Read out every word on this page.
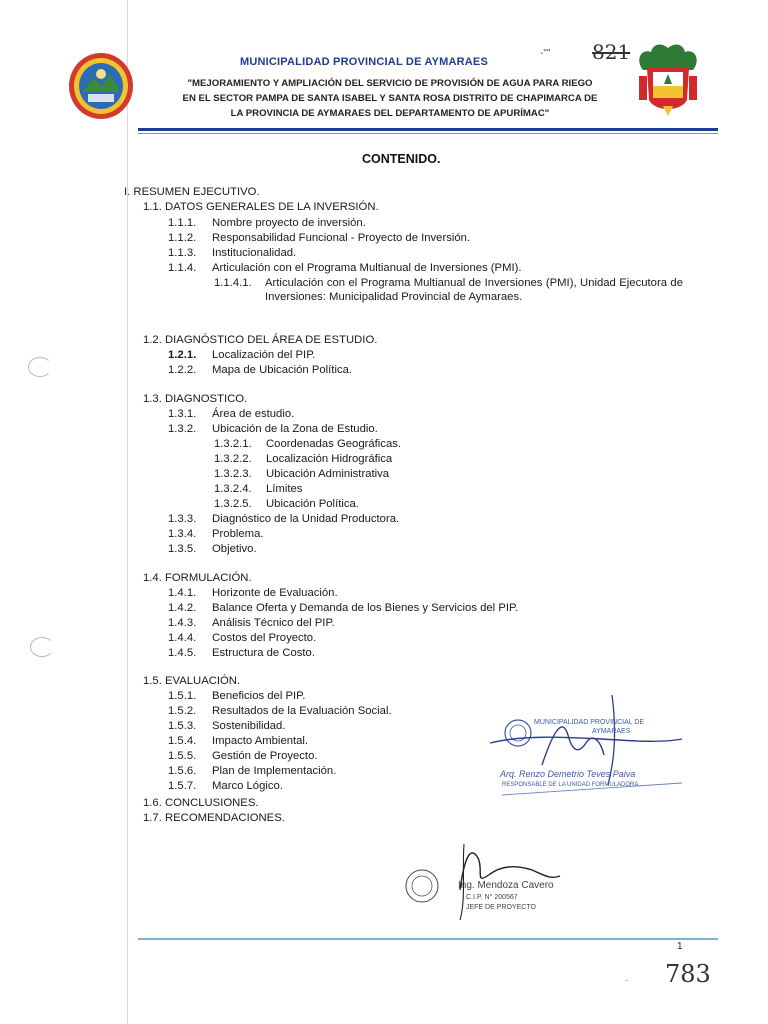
MUNICIPALIDAD PROVINCIAL DE AYMARAES
-"" 821
"MEJORAMIENTO Y AMPLIACIÓN DEL SERVICIO DE PROVISIÓN DE AGUA PARA RIEGO
EN EL SECTOR PAMPA DE SANTA ISABEL Y SANTA ROSA DISTRITO DE CHAPIMARCA DE
LA PROVINCIA DE AYMARAES DEL DEPARTAMENTO DE APURÍMAC"
CONTENIDO.
I. RESUMEN EJECUTIVO.
1.1. DATOS GENERALES DE LA INVERSIÓN.
1.1.1. Nombre proyecto de inversión.
1.1.2. Responsabilidad Funcional - Proyecto de Inversión.
1.1.3. Institucionalidad.
1.1.4. Articulación con el Programa Multianual de Inversiones (PMI).
1.1.4.1. Articulación con el Programa Multianual de Inversiones (PMI), Unidad Ejecutora de Inversiones: Municipalidad Provincial de Aymaraes.
1.2. DIAGNÓSTICO DEL ÁREA DE ESTUDIO.
1.2.1. Localización del PIP.
1.2.2. Mapa de Ubicación Política.
1.3. DIAGNOSTICO.
1.3.1. Área de estudio.
1.3.2. Ubicación de la Zona de Estudio.
1.3.2.1. Coordenadas Geográficas.
1.3.2.2. Localización Hidrográfica
1.3.2.3. Ubicación Administrativa
1.3.2.4. Límites
1.3.2.5. Ubicación Política.
1.3.3. Diagnóstico de la Unidad Productora.
1.3.4. Problema.
1.3.5. Objetivo.
1.4. FORMULACIÓN.
1.4.1. Horizonte de Evaluación.
1.4.2. Balance Oferta y Demanda de los Bienes y Servicios del PIP.
1.4.3. Análisis Técnico del PIP.
1.4.4. Costos del Proyecto.
1.4.5. Estructura de Costo.
1.5. EVALUACIÓN.
1.5.1. Beneficios del PIP.
1.5.2. Resultados de la Evaluación Social.
1.5.3. Sostenibilidad.
1.5.4. Impacto Ambiental.
1.5.5. Gestión de Proyecto.
1.5.6. Plan de Implementación.
1.5.7. Marco Lógico.
1.6. CONCLUSIONES.
1.7. RECOMENDACIONES.
MUNICIPALIDAD PROVINCIAL DE
AYMARAES
Arq. Renzo Demetrio Teves Paiva
RESPONSABLE DE LA UNIDAD FORMULADORA
Ing. Mendoza Cavero
C.I.P. N° 200567
JEFE DE PROYECTO
1
- 783
